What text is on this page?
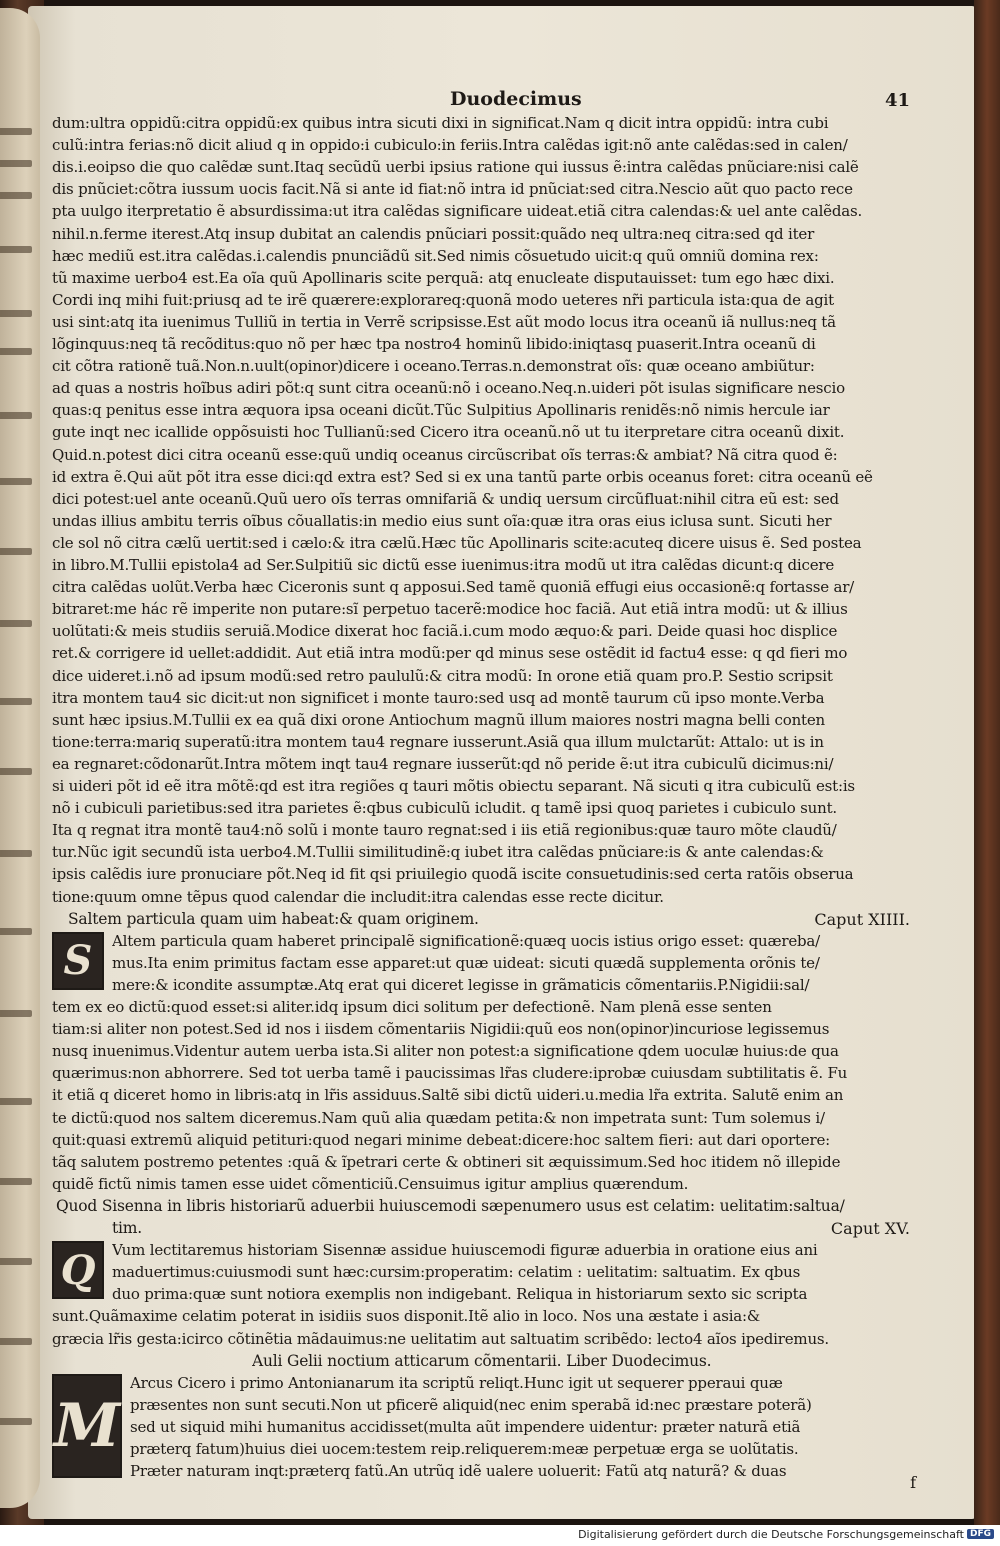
Duodecimus	41
dum:ultra oppidũ:citra oppidũ:ex quibus intra sicuti dixi in significat.Nam q dicit intra oppidũ: intra cubi
culũ:intra ferias:nõ dicit aliud q in oppido:i cubiculo:in feriis.Intra calẽdas igit:nõ ante calẽdas:sed in calen/
dis.i.eoipso die quo calẽdæ sunt.Itaq secũdũ uerbi ipsius ratione qui iussus ẽ:intra calẽdas pnũciare:nisi calẽ
dis pnũciet:cõtra iussum uocis facit.Nã si ante id fiat:nõ intra id pnũciat:sed citra.Nescio aũt quo pacto rece
pta uulgo iterpretatio ẽ absurdissima:ut itra calẽdas significare uideat.etiã citra calendas:& uel ante calẽdas.
nihil.n.ferme iterest.Atq insup dubitat an calendis pnũciari possit:quãdo neq ultra:neq citra:sed qd iter
hæc mediũ est.itra calẽdas.i.calendis pnunciãdũ sit.Sed nimis cõsuetudo uicit:q quũ omniũ domina rex:
tũ maxime uerbo4 est.Ea oĩa quũ Apollinaris scite perquã: atq enucleate disputauisset: tum ego hæc dixi.
Cordi inq mihi fuit:priusq ad te irẽ quærere:explorareq:quonã modo ueteres nr̃i particula ista:qua de agit
usi sint:atq ita iuenimus Tulliũ in tertia in Verrẽ scripsisse.Est aũt modo locus itra oceanũ iã nullus:neq tã
lõginquus:neq tã recõditus:quo nõ per hæc tpa nostro4 hominũ libido:iniqtasq puaserit.Intra oceanũ di
cit cõtra rationẽ tuã.Non.n.uult(opinor)dicere i oceano.Terras.n.demonstrat oĩs: quæ oceano ambiũtur:
ad quas a nostris hoĩbus adiri põt:q sunt citra oceanũ:nõ i oceano.Neq.n.uideri põt isulas significare nescio
quas:q penitus esse intra æquora ipsa oceani dicũt.Tũc Sulpitius Apollinaris renidẽs:nõ nimis hercule iar
gute inqt nec icallide oppõsuisti hoc Tullianũ:sed Cicero itra oceanũ.nõ ut tu iterpretare citra oceanũ dixit.
Quid.n.potest dici citra oceanũ esse:quũ undiq oceanus circũscribat oĩs terras:& ambiat? Nã citra quod ẽ:
id extra ẽ.Qui aũt põt itra esse dici:qd extra est? Sed si ex una tantũ parte orbis oceanus foret: citra oceanũ eẽ
dici potest:uel ante oceanũ.Quũ uero oĩs terras omnifariã & undiq uersum circũfluat:nihil citra eũ est: sed
undas illius ambitu terris oĩbus cõuallatis:in medio eius sunt oĩa:quæ itra oras eius iclusa sunt. Sicuti her
cle sol nõ citra cælũ uertit:sed i cælo:& itra cælũ.Hæc tũc Apollinaris scite:acuteq dicere uisus ẽ. Sed postea
in libro.M.Tullii epistola4 ad Ser.Sulpitiũ sic dictũ esse iuenimus:itra modũ ut itra calẽdas dicunt:q dicere
citra calẽdas uolũt.Verba hæc Ciceronis sunt q apposui.Sed tamẽ quoniã effugi eius occasionẽ:q fortasse ar/
bitraret:me hác rẽ imperite non putare:sĩ perpetuo tacerẽ:modice hoc faciã. Aut etiã intra modũ: ut & illius
uolũtati:& meis studiis seruiã.Modice dixerat hoc faciã.i.cum modo æquo:& pari. Deide quasi hoc displice
ret.& corrigere id uellet:addidit. Aut etiã intra modũ:per qd minus sese ostẽdit id factu4 esse: q qd fieri mo
dice uideret.i.nõ ad ipsum modũ:sed retro paululũ:& citra modũ: In orone etiã quam pro.P. Sestio scripsit
itra montem tau4 sic dicit:ut non significet i monte tauro:sed usq ad montẽ taurum cũ ipso monte.Verba
sunt hæc ipsius.M.Tullii ex ea quã dixi orone Antiochum magnũ illum maiores nostri magna belli conten
tione:terra:mariq superatũ:itra montem tau4 regnare iusserunt.Asiã qua illum mulctarũt: Attalo: ut is in
ea regnaret:cõdonarũt.Intra mõtem inqt tau4 regnare iusserũt:qd nõ peride ẽ:ut itra cubiculũ dicimus:ni/
si uideri põt id eẽ itra mõtẽ:qd est itra regiões q tauri mõtis obiectu separant. Nã sicuti q itra cubiculũ est:is
nõ i cubiculi parietibus:sed itra parietes ẽ:qbus cubiculũ icludit. q tamẽ ipsi quoq parietes i cubiculo sunt.
Ita q regnat itra montẽ tau4:nõ solũ i monte tauro regnat:sed i iis etiã regionibus:quæ tauro mõte claudũ/
tur.Nũc igit secundũ ista uerbo4.M.Tullii similitudinẽ:q iubet itra calẽdas pnũciare:is & ante calendas:&
ipsis calẽdis iure pronuciare põt.Neq id fit qsi priuilegio quodã iscite consuetudinis:sed certa ratõis obserua
tione:quum omne tẽpus quod calendar die includit:itra calendas esse recte dicitur.
Caput XIIII.
Saltem particula quam uim habeat:& quam originem.
S Altem particula quam haberet principalẽ significationẽ:quæq uocis istius origo esset: quæreba/
mus.Ita enim primitus factam esse apparet:ut quæ uideat: sicuti quædã supplementa orõnis te/
mere:& icondite assumptæ.Atq erat qui diceret legisse in grãmaticis cõmentariis.P.Nigidii:sal/
tem ex eo dictũ:quod esset:si aliter.idq ipsum dici solitum per defectionẽ. Nam plenã esse senten
tiam:si aliter non potest.Sed id nos i iisdem cõmentariis Nigidii:quũ eos non(opinor)incuriose legissemus
nusq inuenimus.Videntur autem uerba ista.Si aliter non potest:a significatione qdem uoculæ huius:de qua
quærimus:non abhorrere. Sed tot uerba tamẽ i paucissimas lr̃as cludere:iprobæ cuiusdam subtilitatis ẽ. Fu
it etiã q diceret homo in libris:atq in lr̃is assiduus.Saltẽ sibi dictũ uideri.u.media lr̃a extrita. Salutẽ enim an
te dictũ:quod nos saltem diceremus.Nam quũ alia quædam petita:& non impetrata sunt: Tum solemus i/
quit:quasi extremũ aliquid petituri:quod negari minime debeat:dicere:hoc saltem fieri: aut dari oportere:
tãq salutem postremo petentes :quã & ĩpetrari certe & obtineri sit æquissimum.Sed hoc itidem nõ illepide
quidẽ fictũ nimis tamen esse uidet cõmenticiũ.Censuimus igitur amplius quærendum.
Quod Sisenna in libris historiarũ aduerbii huiuscemodi sæpenumero usus est celatim: uelitatim:saltua/
Caput XV.
tim.
Q Vum lectitaremus historiam Sisennæ assidue huiuscemodi figuræ aduerbia in oratione eius ani
maduertimus:cuiusmodi sunt hæc:cursim:properatim: celatim : uelitatim: saltuatim. Ex qbus
duo prima:quæ sunt notiora exemplis non indigebant. Reliqua in historiarum sexto sic scripta
sunt.Quãmaxime celatim poterat in isidiis suos disponit.Itẽ alio in loco. Nos una æstate i asia:&
græcia lr̃is gesta:icirco cõtinẽtia mãdauimus:ne uelitatim aut saltuatim scribẽdo: lecto4 aĩos ipediremus.
Auli Gelii noctium atticarum cõmentarii. Liber Duodecimus.
M
Arcus Cicero i primo Antonianarum ita scriptũ reliqt.Hunc igit ut sequerer pperaui quæ
præsentes non sunt secuti.Non ut pficerẽ aliquid(nec enim sperabã id:nec præstare poterã)
sed ut siquid mihi humanitus accidisset(multa aũt impendere uidentur: præter naturã etiã
præterq fatum)huius diei uocem:testem reip.reliquerem:meæ perpetuæ erga se uolũtatis.
Præter naturam inqt:præterq fatũ.An utrũq idẽ ualere uoluerit: Fatũ atq naturã? & duas
f
Digitalisierung gefördert durch die Deutsche Forschungsgemeinschaft DFG
